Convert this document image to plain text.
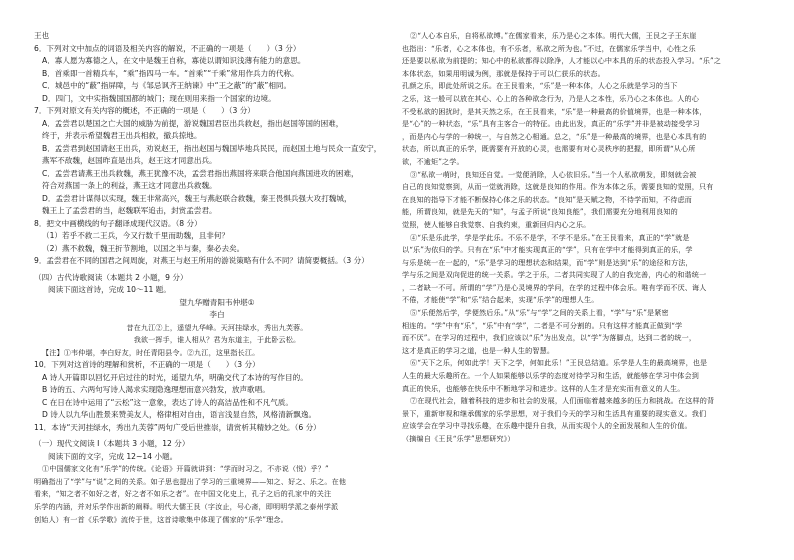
王也
6．下列对文中加点的词语及相关内容的解说，不正确的一项是（　　）（3 分）
A．寡人愿为寡德之人，在文中是魏王自称，寡徒以谓知识浅薄有能力的意思。
B．首乘即一首精兵车，“乘”指四马一车。“首乘”“千乘”常用作兵力的代称。
C．城邑中的“蔽”指屏障，与《邹忌讽齐王纳谏》中“王之蔽”的“蔽”相同。
D．四门，文中实指魏国国都的城门；现在则用来指一个国家的边境。
7．下列对原文有关内容的概述，不正确的一项是（　　）（3 分）
A．孟尝君以楚国之亡大国的威胁为前提，游说魏国君臣出兵救赵，指出赵国等国的困难，
终于，并表示希望魏君王出兵相救，撤兵掠地。
B．孟尝君到赵国请赵王出兵，劝说赵王，指出赵国与魏国毕地兵民民，而赵国土地与民众一直安宁，
燕军不敌魏，赵国昨直是出兵，赵王这才同意出兵。
C．孟尝君请燕王出兵救魏，燕王犹豫不决，孟尝君指出燕国将来联合他国向燕国进攻的困难，
符合对燕国一条上的利益，燕王这才同意出兵救魏。
D．孟尝君计谋得以实现，魏王非常高兴，魏王与燕赵联合救魏，秦王畏惧兵强大攻打魏城，
魏王上了孟尝君的当，赵魏联军追击，封赏孟尝君。
8．把文中画横线的句子翻译成现代汉语。（8 分）
（1）若乎不救二王兵，今又行数千里而助魏，且非何？
（2）燕不救魏，魏王折节割地，以国之半与秦，秦必去矣。
9．孟尝君在不同的国君之间周旋，对燕王与赵王所用的游说策略有什么不同？请简要概括。（3 分）
（四）古代诗歌阅读（本题共 2 小题，9 分）
阅读下面这首诗，完成 10～11 题。
望九华赠青阳韦仲堪①
李白
昔在九江②上，遥望九华峰。天河挂绿水，秀出九芙蓉。
我欲一挥手，谁人相从？君为东道主，于此卧云松。
【注】①韦仲堪，李白好友，时任青阳县令。②九江，这里指长江。
10．下列对这首诗的理解和赏析，不正确的一项是（　　）（3 分）
A 诗人开篇即以回忆开启过往的时光，遥望九华，明确交代了本诗的写作目的。
B 诗的五、六两句写诗人渴求实现隐逸理想而意兴勃发，放声歌唱。
C 在日在诗中运用了“云松”这一意象，表达了诗人的高洁品性和不凡气质。
D 诗人以九华山胜景来赞美友人，格律相对自由，语言浅显自然，风格清新飘逸。
11．本诗“天河挂绿水，秀出九芙蓉”两句广受后世推崇，请赏析其精妙之处。（6 分）
（一）现代文阅读 I（本题共 3 小题，12 分）
阅读下面的文字，完成 12~14 小题。
①中国儒家文化有“乐学”的传统。《论语》开篇就讲到：“学而时习之，不亦说（悦）乎？”
明确指出了“学”与“说”之间的关系。如子思也提出了学习的三重境界——知之、好之、乐之。在他
看来，“知之者不如好之者，好之者不如乐之者”。在中国文化史上，孔子之后的孔家中的关注
乐学的内涵，并对乐学作出新的阐释。明代大儒王艮（字汝止，号心斋，即明明学派之泰州学派
创始人）有一首《乐学歌》流传于世，这首诗歌集中体现了儒家的“乐学”理念。
②“人心本自乐，自将私欲缚。”在儒家看来，乐乃是心之本体。明代大儒，王艮之子王东崖
也指出：“乐者，心之本体也，有不乐者，私欲之所为也。”不过，在儒家乐学当中，心性之乐
还是要以私欲为前提的；知心中的私欲都得以除净，人才能以心中本具的乐的状态投入学习。“乐”之
本体状态，如果用明诚为例，那就是保持于可以仁获乐的状态。
孔颜之乐，即此处所说之乐。在王艮看来，“乐”是一种本体，人心之乐就是学习的当下
之乐，这一般可以放在其心、心上的各种欲念行为，乃是人之本性，乐乃心之本体也。人的心
不受私欲的困扰时，是其天然之乐，在王艮看来，“乐”是一种最高的价值境界，也是一种本体，
是“心”的一种状态，“乐”具有主客合一的特征。由此出发，真正的“乐学”并非是被动接受学习
，而是内心与学的一种统一，与自然之心相通。总之，“乐”是一种最高的境界，也是心本具有的
状态，所以真正的乐学，既需要有开放的心灵，也需要有对心灵秩序的把握，即所谓“从心所
欲，不逾矩”之学。
③“私欲一萌时，良知还自觉。一觉便消除，人心依旧乐。”当一个人私欲萌发，即刻就会被
自己的良知觉察到，从而一觉就消除，这就是良知的作用。作为本体之乐，需要良知的觉照，只有
在良知的指导下才能不断保持心体之乐的状态。“良知”是天赋之物，不待学而知，不待虑而
能，所谓良知，就是先天的“知”，与孟子所说“良知良能”，我们需要充分地利用良知的
觉照，使人能够自我觉察、自我约束，重新回归内心之乐。
④“乐是乐此学，学是学此乐。不乐不是学，不学不是乐。”在王艮看来，真正的“学”就是
以“乐”为依归的学。只有在“乐”中才能实现真正的“学”，只有在学中才能得到真正的乐，学
与乐是统一在一起的，“乐”是学习的理想状态和结果，而“学”则是达到“乐”的途径和方法，
学与乐之间是双向促进的统一关系。学之于乐，二者共同实现了人的自我完善，内心的和谐统一
，二者缺一不可。所谓的“学”乃是心灵境界的学问，在学的过程中体会乐。唯有学而不厌、诲人
不倦，才能使“学”和“乐”结合起来，实现“乐学”的理想人生。
⑤“乐便然后学，学便然后乐。”从“乐”与“学”之间的关系上看，“学”与“乐”是紧密
相连的。“学”中有“乐”，“乐”中有“学”，二者是不可分割的。只有这样才能真正做到“学
而不厌”。在学习的过程中，我们应该以“乐”为出发点，以“学”为落脚点，达到二者的统一，
这才是真正的学习之道，也是一种人生的智慧。
⑥“天下之乐，何如此学！天下之学，何如此乐！”王艮总结道。乐学是人生的最高境界，也是
人生的最大乐趣所在。一个人如果能够以乐学的态度对待学习和生活，就能够在学习中体会到
真正的快乐，也能够在快乐中不断地学习和进步。这样的人生才是充实而有意义的人生。
⑦在现代社会，随着科技的进步和社会的发展，人们面临着越来越多的压力和挑战。在这样的背
景下，重新审视和继承儒家的乐学思想，对于我们今天的学习和生活具有重要的现实意义。我们
应该学会在学习中寻找乐趣，在乐趣中提升自我，从而实现个人的全面发展和人生的价值。
（摘编自《王艮“乐学”思想研究》）
